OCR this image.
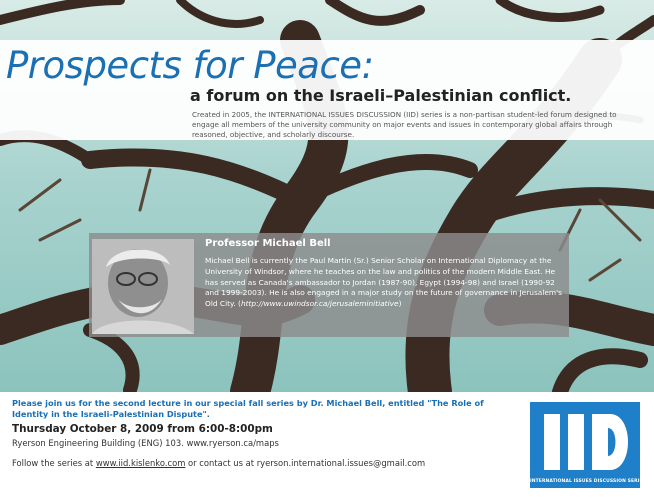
Prospects for Peace:
a forum on the Israeli–Palestinian conflict.
Created in 2005, the INTERNATIONAL ISSUES DISCUSSION (IID) series is a non-partisan student-led forum designed to engage all members of the university community on major events and issues in contemporary global affairs through reasoned, objective, and scholarly discourse.
Professor Michael Bell
Michael Bell is currently the Paul Martin (Sr.) Senior Scholar on International Diplomacy at the University of Windsor, where he teaches on the law and politics of the modern Middle East. He has served as Canada's ambassador to Jordan (1987-90), Egypt (1994-98) and Israel (1990-92 and 1999-2003). He is also engaged in a major study on the future of governance in Jerusalem's Old City. (http://www.uwindsor.ca/jerusaleminitiative)
Please join us for the second lecture in our special fall series by Dr. Michael Bell, entitled "The Role of Identity in the Israeli-Palestinian Dispute".
Thursday October 8, 2009 from 6:00-8:00pm
Ryerson Engineering Building (ENG) 103. www.ryerson.ca/maps
Follow the series at www.iid.kislenko.com or contact us at ryerson.international.issues@gmail.com
INTERNATIONAL ISSUES DISCUSSION SERIES
